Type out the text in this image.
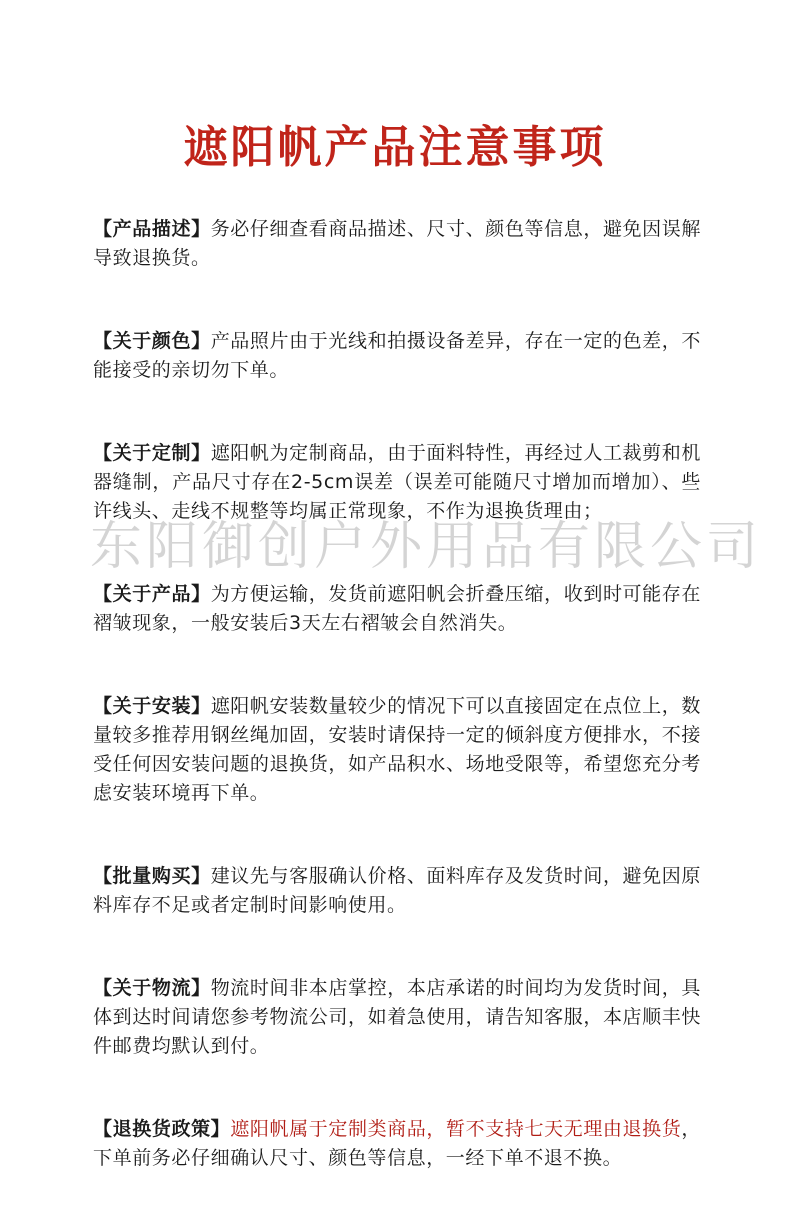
遮阳帆产品注意事项

【产品描述】务必仔细查看商品描述、尺寸、颜色等信息，避免因误解导致退换货。

【关于颜色】产品照片由于光线和拍摄设备差异，存在一定的色差，不能接受的亲切勿下单。

【关于定制】遮阳帆为定制商品，由于面料特性，再经过人工裁剪和机器缝制，产品尺寸存在2-5cm误差（误差可能随尺寸增加而增加）、些许线头、走线不规整等均属正常现象，不作为退换货理由；

【关于产品】为方便运输，发货前遮阳帆会折叠压缩，收到时可能存在褶皱现象，一般安装后3天左右褶皱会自然消失。

【关于安装】遮阳帆安装数量较少的情况下可以直接固定在点位上，数量较多推荐用钢丝绳加固，安装时请保持一定的倾斜度方便排水，不接受任何因安装问题的退换货，如产品积水、场地受限等，希望您充分考虑安装环境再下单。

【批量购买】建议先与客服确认价格、面料库存及发货时间，避免因原料库存不足或者定制时间影响使用。

【关于物流】物流时间非本店掌控，本店承诺的时间均为发货时间，具体到达时间请您参考物流公司，如着急使用，请告知客服，本店顺丰快件邮费均默认到付。

【退换货政策】遮阳帆属于定制类商品，暂不支持七天无理由退换货，下单前务必仔细确认尺寸、颜色等信息，一经下单不退不换。

东阳御创户外用品有限公司
